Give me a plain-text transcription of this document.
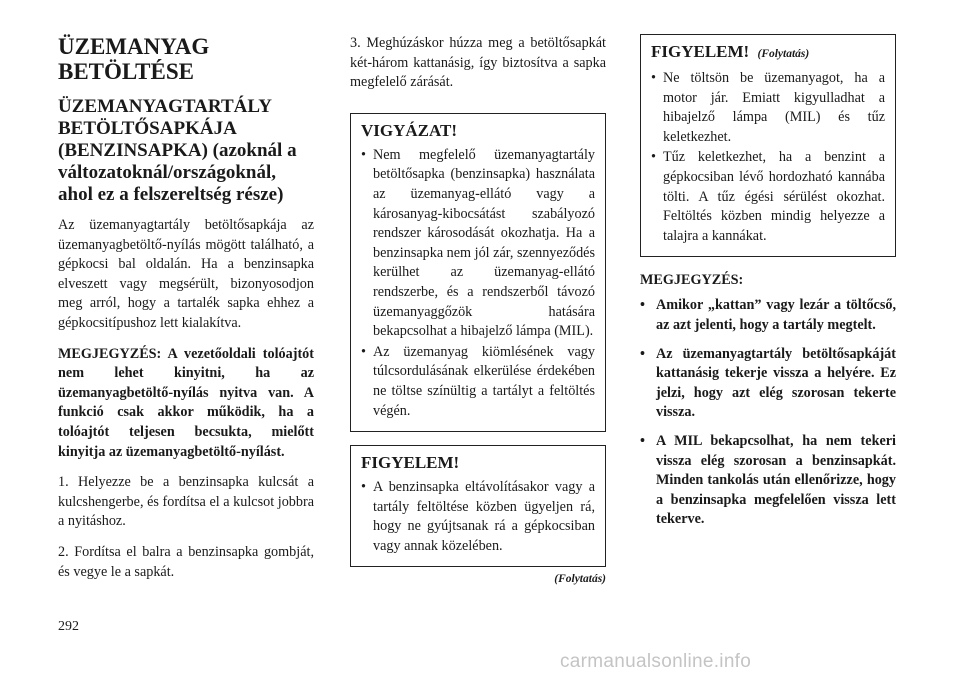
ÜZEMANYAG BETÖLTÉSE
ÜZEMANYAGTARTÁLY BETÖLTŐSAPKÁJA (BENZINSAPKA) (azoknál a változatoknál/országoknál, ahol ez a felszereltség része)
Az üzemanyagtartály betöltősapkája az üzemanyagbetöltő-nyílás mögött található, a gépkocsi bal oldalán. Ha a benzinsapka elveszett vagy megsérült, bizonyosodjon meg arról, hogy a tartalék sapka ehhez a gépkocsitípushoz lett kialakítva.
MEGJEGYZÉS: A vezetőoldali tolóajtót nem lehet kinyitni, ha az üzemanyagbetöltő-nyílás nyitva van. A funkció csak akkor működik, ha a tolóajtót teljesen becsukta, mielőtt kinyitja az üzemanyagbetöltő-nyílást.
1. Helyezze be a benzinsapka kulcsát a kulcshengerbe, és fordítsa el a kulcsot jobbra a nyitáshoz.
2. Fordítsa el balra a benzinsapka gombját, és vegye le a sapkát.
3. Meghúzáskor húzza meg a betöltősapkát két-három kattanásig, így biztosítva a sapka megfelelő zárását.
VIGYÁZAT!
• Nem megfelelő üzemanyagtartály betöltősapka (benzinsapka) használata az üzemanyag-ellátó vagy a károsanyag-kibocsátást szabályozó rendszer károsodását okozhatja. Ha a benzinsapka nem jól zár, szennyeződés kerülhet az üzemanyag-ellátó rendszerbe, és a rendszerből távozó üzemanyaggőzök hatására bekapcsolhat a hibajelző lámpa (MIL).
• Az üzemanyag kiömlésének vagy túlcsordulásának elkerülése érdekében ne töltse színültig a tartályt a feltöltés végén.
FIGYELEM!
• A benzinsapka eltávolításakor vagy a tartály feltöltése közben ügyeljen rá, hogy ne gyújtsanak rá a gépkocsiban vagy annak közelében.
(Folytatás)
FIGYELEM! (Folytatás)
• Ne töltsön be üzemanyagot, ha a motor jár. Emiatt kigyulladhat a hibajelző lámpa (MIL) és tűz keletkezhet.
• Tűz keletkezhet, ha a benzint a gépkocsiban lévő hordozható kannába tölti. A tűz égési sérülést okozhat. Feltöltés közben mindig helyezze a talajra a kannákat.
MEGJEGYZÉS:
• Amikor „kattan” vagy lezár a töltőcső, az azt jelenti, hogy a tartály megtelt.
• Az üzemanyagtartály betöltősapkáját kattanásig tekerje vissza a helyére. Ez jelzi, hogy azt elég szorosan tekerte vissza.
• A MIL bekapcsolhat, ha nem tekeri vissza elég szorosan a benzinsapkát. Minden tankolás után ellenőrizze, hogy a benzinsapka megfelelően vissza lett tekerve.
292
carmanualsonline.info
